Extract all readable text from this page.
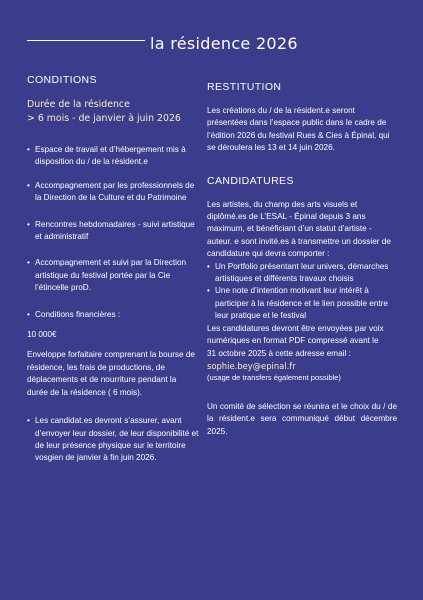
la résidence 2026
CONDITIONS
Durée de la résidence
> 6 mois - de janvier à juin 2026
• Espace de travail et d’hébergement mis à disposition du / de la résident.e
• Accompagnement par les professionnels de la Direction de la Culture et du Patrimoine
• Rencontres hebdomadaires - suivi artistique et administratif
• Accompagnement et suivi par la Direction artistique du festival portée par la Cie l’étincelle proD.
• Conditions financières :
10 000€
Enveloppe forfaitaire comprenant la bourse de résidence, les frais de productions, de déplacements et de nourriture pendant la durée de la résidence ( 6 mois).
• Les candidat.es devront s’assurer, avant d’envoyer leur dossier, de leur disponibilité et de leur présence physique sur le territoire vosgien de janvier à fin juin 2026.
RESTITUTION
Les créations du / de la résident.e seront présentées dans l’espace public dans le cadre de l’édition 2026 du festival Rues & Cies à Épinal, qui se déroulera les 13 et 14 juin 2026.
CANDIDATURES
Les artistes, du champ des arts visuels et diplômé.es de L’ESAL - Épinal depuis 3 ans maximum, et bénéficiant d’un statut d’artiste - auteur. e sont invité.es à transmettre un dossier de candidature qui devra comporter :
• Un Portfolio présentant leur univers, démarches artistiques et différents travaux choisis
• Une note d’intention motivant leur intérêt à participer à la résidence et le lien possible entre leur pratique et le festival
Les candidatures devront être envoyées par voix numériques en format PDF compressé avant le
31 octobre 2025 à cette adresse email :
sophie.bey@epinal.fr
(usage de transfers également possible)
Un comité de sélection se réunira et le choix du / de la résident.e sera communiqué début décembre 2025.
